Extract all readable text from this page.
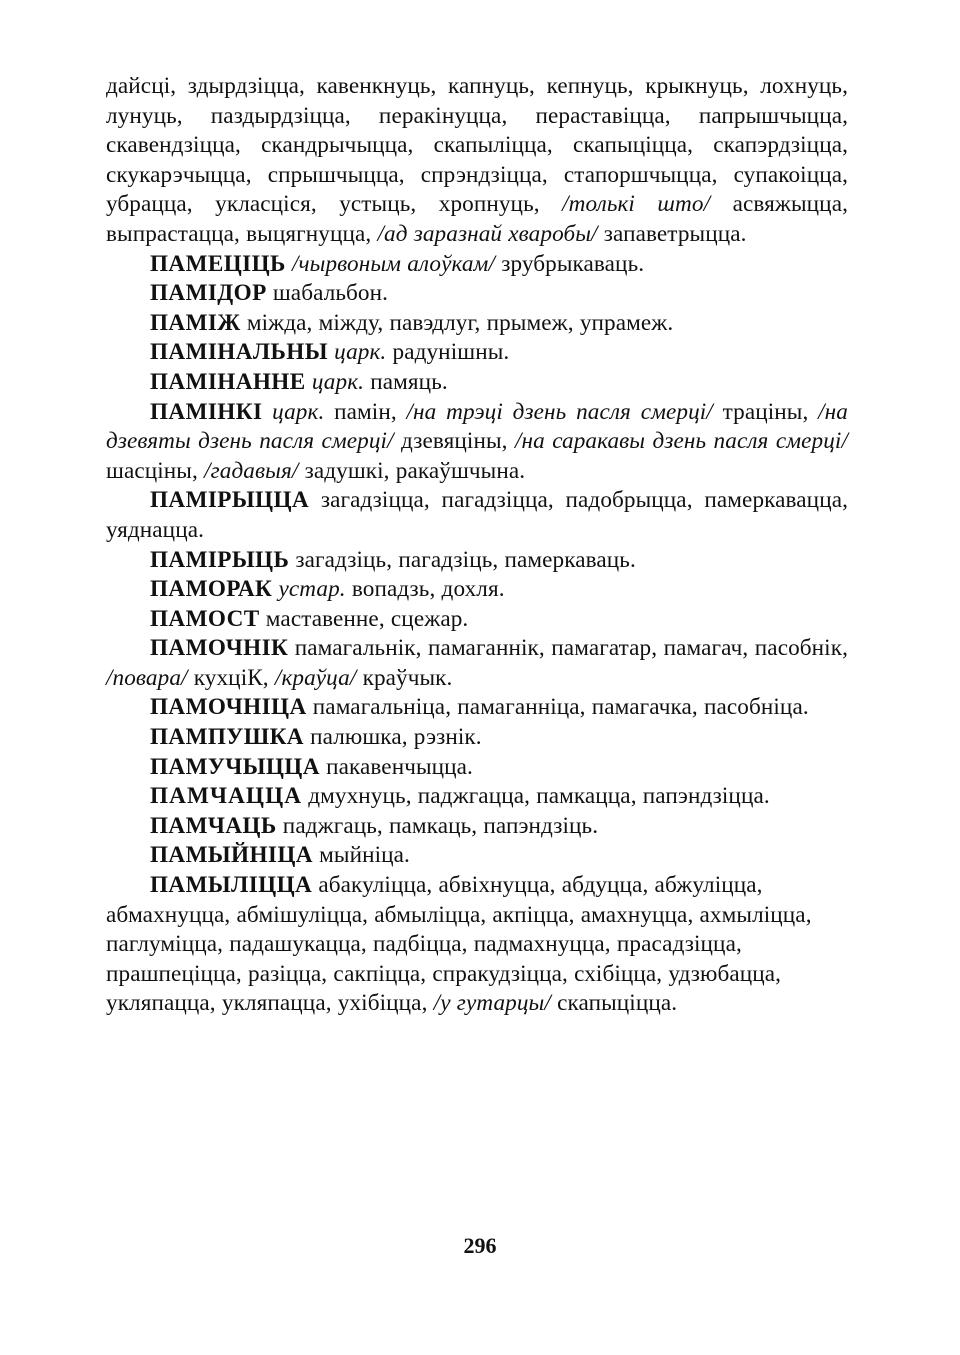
дайсці, здырдзіцца, кавенкнуць, капнуць, кепнуць, крыкнуць, лохнуць, лунуць, паздырдзіцца, перакінуцца, пераставіцца, папрышчыцца, скавендзіцца, скандрычыцца, скапыліцца, скапыціцца, скапэрдзіцца, скукарэчыцца, спрышчыцца, спрэндзіцца, стапоршчыцца, супакоіцца, убрацца, укласціся, устыць, хропнуць, /толькі што/ асвяжыцца, выпрастацца, выцягнуцца, /ад заразнай хваробы/ запаветрыцца.

ПАМЕЦІЦЬ /чырвоным алоўкам/ зрубрыкаваць.

ПАМІДОР шабальбон.

ПАМІЖ міжда, міжду, павэдлуг, прымеж, упрамеж.

ПАМІНАЛЬНЫ царк. радунішны.

ПАМІНАННЕ царк. памяць.

ПАМІНКІ царк. памін, /на трэці дзень пасля смерці/ траціны, /на дзевяты дзень пасля смерці/ дзевяціны, /на саракавы дзень пасля смерці/ шасціны, /гадавыя/ задушкі, ракаўшчына.

ПАМІРЫЦЦА загадзіцца, пагадзіцца, падобрыцца, памеркавацца, уяднацца.

ПАМІРЫЦЬ загадзіць, пагадзіць, памеркаваць.

ПАМОРАК устар. вопадзь, дохля.

ПАМОСТ маставенне, сцежар.

ПАМОЧНІК памагальнік, памаганнік, памагатар, памагач, пасобнік, /повара/ кухціК, /краўца/ краўчык.

ПАМОЧНІЦА памагальніца, памаганніца, памагачка, пасобніца.

ПАМПУШКА палюшка, рэзнік.

ПАМУЧЫЦЦА пакавенчыцца.

ПАМЧАЦЦА дмухнуць, паджгацца, памкацца, папэндзіцца.

ПАМЧАЦЬ паджгаць, памкаць, папэндзіць.

ПАМЫЙНІЦА мыйніца.

ПАМЫЛІЦЦА абакуліцца, абвіхнуцца, абдуцца, абжуліцца, абмахнуцца, абмішуліцца, абмыліцца, акпіцца, амахнуцца, ахмыліцца, паглуміцца, падашукацца, падбіцца, падмахнуцца, прасадзіцца, прашпеціцца, разіцца, сакпіцца, спракудзіцца, схібіцца, удзюбацца, укляпацца, укляпацца, ухібіцца, /у гутарцы/ скапыціцца.

296
